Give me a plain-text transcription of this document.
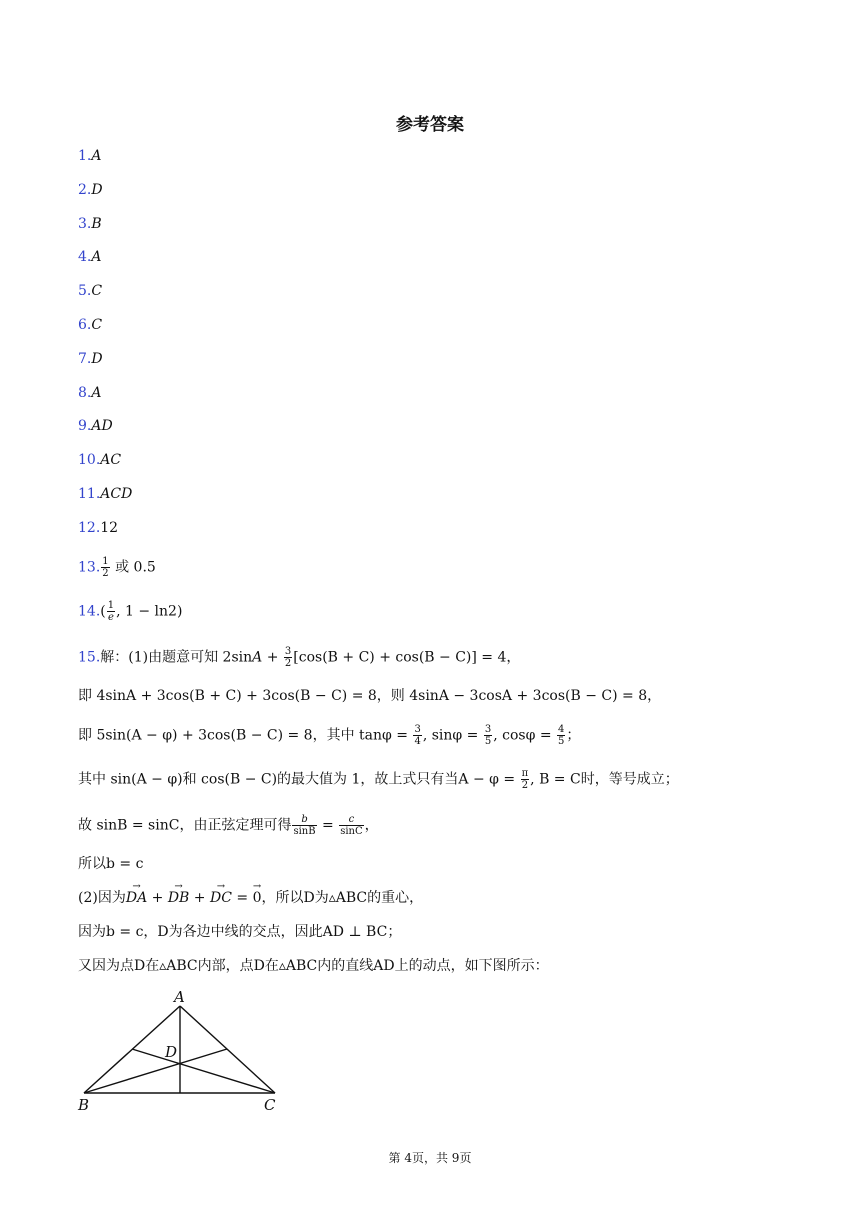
参考答案
1.A
2.D
3.B
4.A
5.C
6.C
7.D
8.A
9.AD
10.AC
11.ACD
12.12
13. $\frac{1}{2}$ 或 0.5
$14.( \frac{1}{e}$ , 1 − ln2)
15.解：(1)由题意可知 $2\sin A + \frac{3}{2} [\cos(B + C) + \cos(B - C)] = 4$，
即 4sinA + 3cos(B + C) + 3cos(B − C) = 8，则 4sinA − 3cosA + 3cos(B − C) = 8，
即 5sin(A − φ) + 3cos(B − C) = 8，其中 $\tan\varphi = \frac{3}{4}$ , $\sin\varphi = \frac{3}{5}$ , $\cos\varphi = \frac{4}{5}$ ；
其中 sin(A − φ)和 cos(B − C)的最大值为 1，故上式只有当$A - \varphi = \frac{\pi}{2}$ , B = C时，等号成立；
故 sinB = sinC，由正弦定理可得 $\frac{b}{\sin B} = \frac{c}{\sin C}$ ，
所以b = c
(2)因为→ DA + → DB + → DC = → 0，所以D为▵ABC的重心，
因为b = c，D为各边中线的交点，因此AD ⊥ BC；
又因为点D在▵ABC内部，点D在▵ABC内的直线AD上的动点，如下图所示：
A
B	C
D
第 4页，共 9页
